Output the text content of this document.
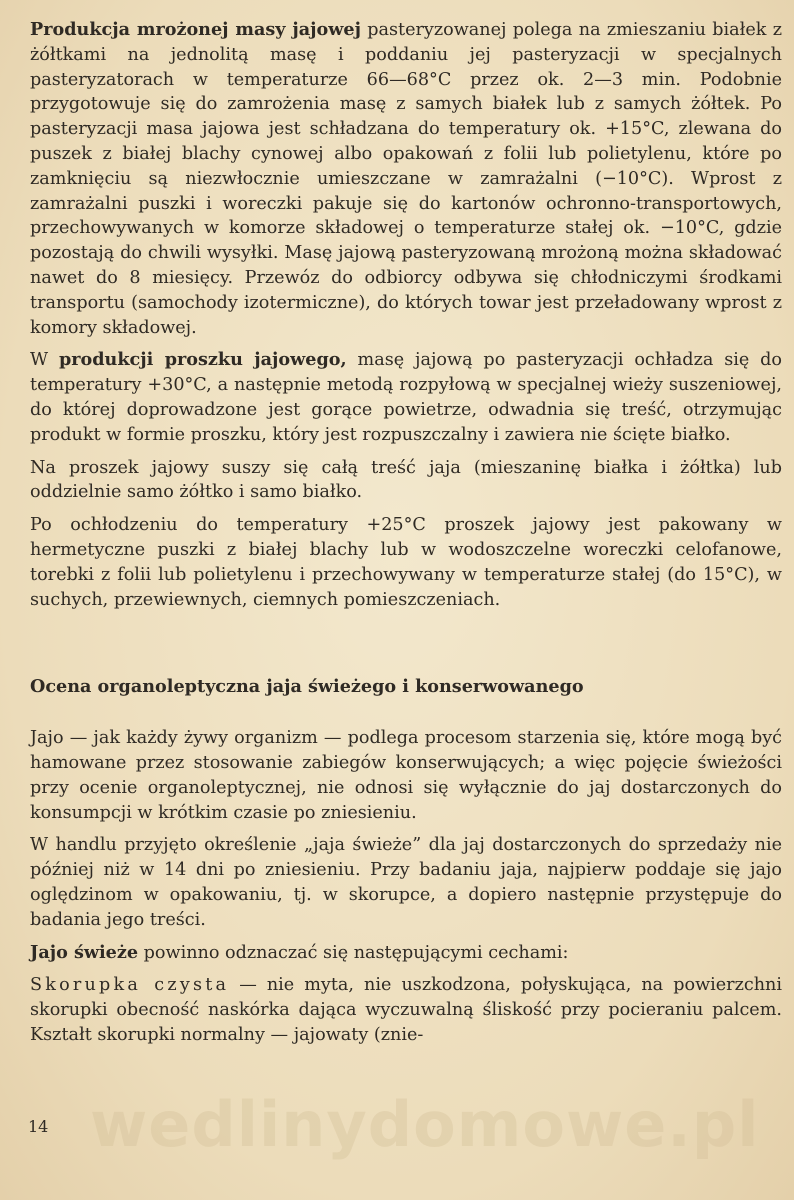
Produkcja mrożonej masy jajowej pasteryzowanej polega na zmieszaniu białek z żółtkami na jednolitą masę i poddaniu jej pasteryzacji w specjalnych pasteryzatorach w temperaturze 66—68°C przez ok. 2—3 min. Podobnie przygotowuje się do zamrożenia masę z samych białek lub z samych żółtek. Po pasteryzacji masa jajowa jest schładzana do temperatury ok. +15°C, zlewana do puszek z białej blachy cynowej albo opakowań z folii lub polietylenu, które po zamknięciu są niezwłocznie umieszczane w zamrażalni (−10°C). Wprost z zamrażalni puszki i woreczki pakuje się do kartonów ochronno-transportowych, przechowywanych w komorze składowej o temperaturze stałej ok. −10°C, gdzie pozostają do chwili wysyłki. Masę jajową pasteryzowaną mrożoną można składować nawet do 8 miesięcy. Przewóz do odbiorcy odbywa się chłodniczymi środkami transportu (samochody izotermiczne), do których towar jest przeładowany wprost z komory składowej.

W produkcji proszku jajowego, masę jajową po pasteryzacji ochładza się do temperatury +30°C, a następnie metodą rozpyłową w specjalnej wieży suszeniowej, do której doprowadzone jest gorące powietrze, odwadnia się treść, otrzymując produkt w formie proszku, który jest rozpuszczalny i zawiera nie ścięte białko.

Na proszek jajowy suszy się całą treść jaja (mieszaninę białka i żółtka) lub oddzielnie samo żółtko i samo białko.

Po ochłodzeniu do temperatury +25°C proszek jajowy jest pakowany w hermetyczne puszki z białej blachy lub w wodoszczelne woreczki celofanowe, torebki z folii lub polietylenu i przechowywany w temperaturze stałej (do 15°C), w suchych, przewiewnych, ciemnych pomieszczeniach.

Ocena organoleptyczna jaja świeżego i konserwowanego

Jajo — jak każdy żywy organizm — podlega procesom starzenia się, które mogą być hamowane przez stosowanie zabiegów konserwujących; a więc pojęcie świeżości przy ocenie organoleptycznej, nie odnosi się wyłącznie do jaj dostarczonych do konsumpcji w krótkim czasie po zniesieniu.

W handlu przyjęto określenie „jaja świeże” dla jaj dostarczonych do sprzedaży nie później niż w 14 dni po zniesieniu. Przy badaniu jaja, najpierw poddaje się jajo oględzinom w opakowaniu, tj. w skorupce, a dopiero następnie przystępuje do badania jego treści.

Jajo świeże powinno odznaczać się następującymi cechami:

Skorupka czysta — nie myta, nie uszkodzona, połyskująca, na powierzchni skorupki obecność naskórka dająca wyczuwalną śliskość przy pocieraniu palcem. Kształt skorupki normalny — jajowaty (znie-

wedlinydomowe.pl
14
